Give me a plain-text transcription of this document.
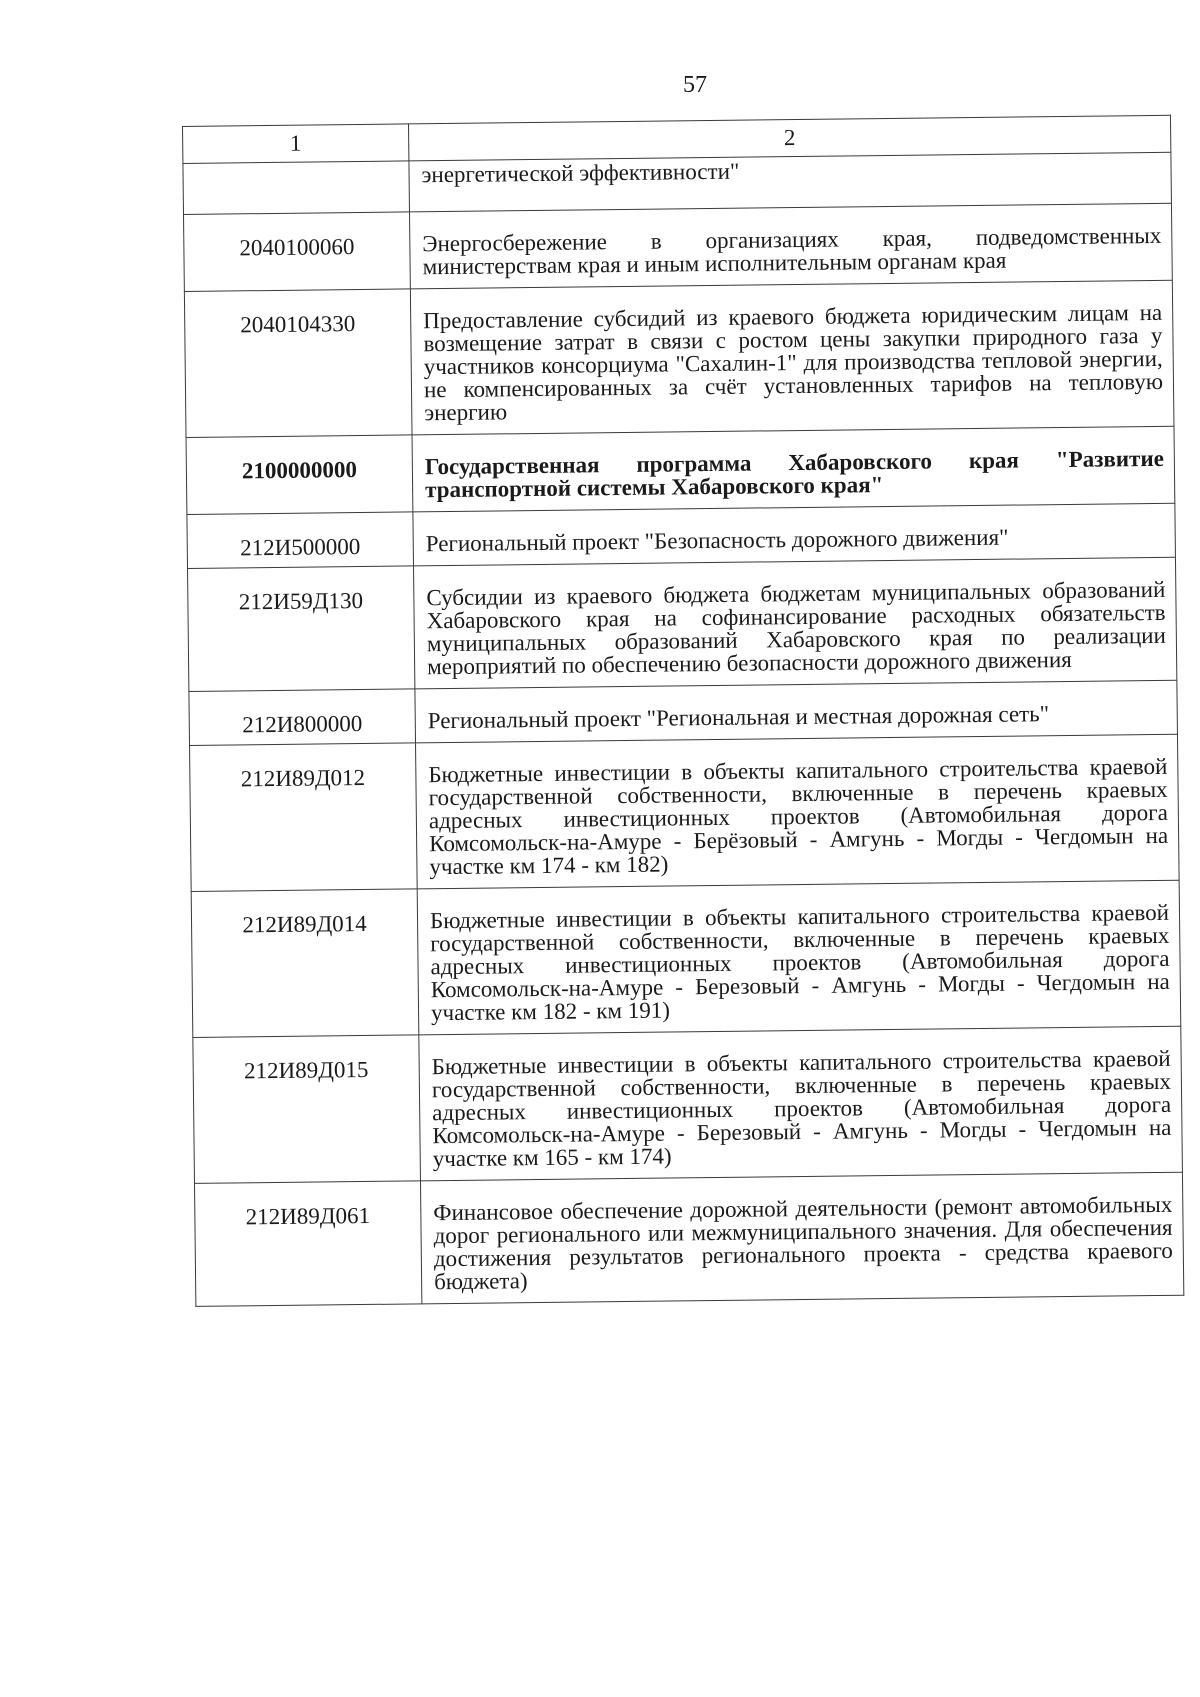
57
1	2
	энергетической эффективности"
2040100060	Энергосбережение в организациях края, подведомственных министерствам края и иным исполнительным органам края
2040104330	Предоставление субсидий из краевого бюджета юридическим лицам на возмещение затрат в связи с ростом цены закупки природного газа у участников консорциума "Сахалин-1" для производства тепловой энергии, не компенсированных за счёт установленных тарифов на тепловую энергию
2100000000	Государственная программа Хабаровского края "Развитие транспортной системы Хабаровского края"
212И500000	Региональный проект "Безопасность дорожного движения"
212И59Д130	Субсидии из краевого бюджета бюджетам муниципальных образований Хабаровского края на софинансирование расходных обязательств муниципальных образований Хабаровского края по реализации мероприятий по обеспечению безопасности дорожного движения
212И800000	Региональный проект "Региональная и местная дорожная сеть"
212И89Д012	Бюджетные инвестиции в объекты капитального строительства краевой государственной собственности, включенные в перечень краевых адресных инвестиционных проектов (Автомобильная дорога Комсомольск-на-Амуре - Берёзовый - Амгунь - Могды - Чегдомын на участке км 174 - км 182)
212И89Д014	Бюджетные инвестиции в объекты капитального строительства краевой государственной собственности, включенные в перечень краевых адресных инвестиционных проектов (Автомобильная дорога Комсомольск-на-Амуре - Березовый - Амгунь - Могды - Чегдомын на участке км 182 - км 191)
212И89Д015	Бюджетные инвестиции в объекты капитального строительства краевой государственной собственности, включенные в перечень краевых адресных инвестиционных проектов (Автомобильная дорога Комсомольск-на-Амуре - Березовый - Амгунь - Могды - Чегдомын на участке км 165 - км 174)
212И89Д061	Финансовое обеспечение дорожной деятельности (ремонт автомобильных дорог регионального или межмуниципального значения. Для обеспечения достижения результатов регионального проекта - средства краевого бюджета)
